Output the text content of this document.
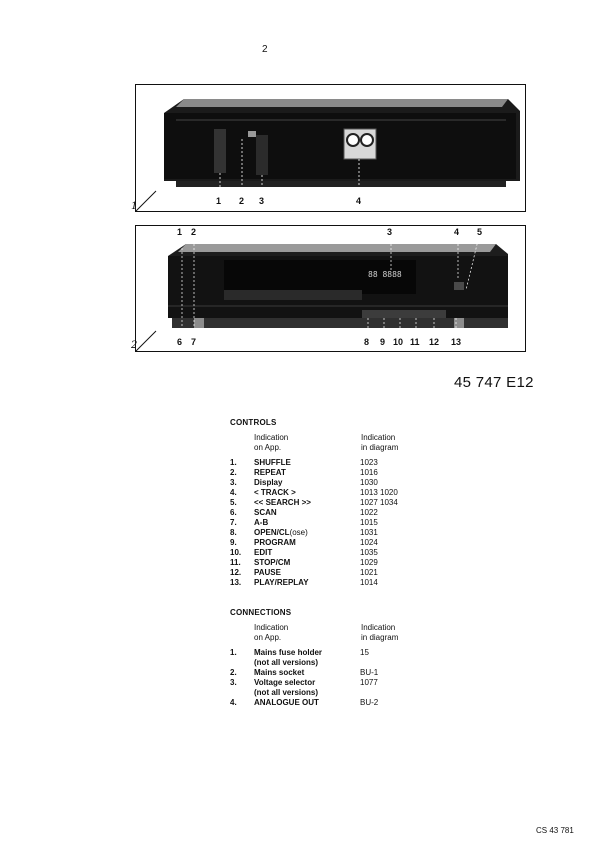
2
1 2 3	4
1
88 8888
1 2	3	4 5
6 7	8 9 10 11 12 13
2
45 747 E12
CONTROLS
Indication
on App.
Indication
in diagram
1.	SHUFFLE	1023
2.	REPEAT	1016
3.	Display	1030
4.	< TRACK >	1013 1020
5.	<< SEARCH >>	1027 1034
6.	SCAN	1022
7.	A-B	1015
8.	OPEN/CL(ose)	1031
9.	PROGRAM	1024
10.	EDIT	1035
11.	STOP/CM	1029
12.	PAUSE	1021
13.	PLAY/REPLAY	1014
CONNECTIONS
Indication
on App.
Indication
in diagram
1.	Mains fuse holder	15
	(not all versions)	
2.	Mains socket	BU-1
3.	Voltage selector	1077
	(not all versions)	
4.	ANALOGUE OUT	BU-2
CS 43 781
